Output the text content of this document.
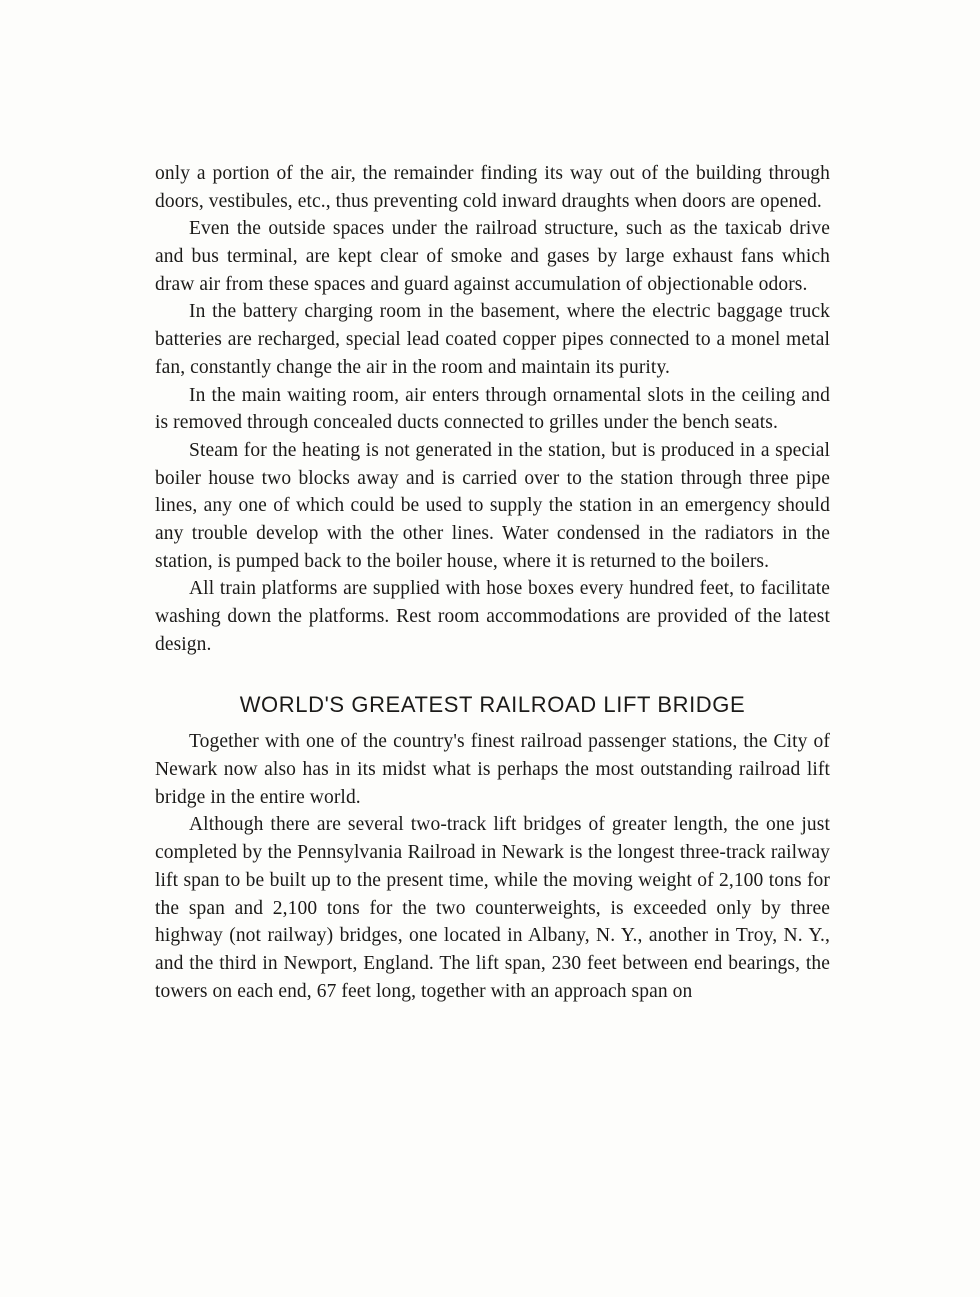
only a portion of the air, the remainder finding its way out of the building through doors, vestibules, etc., thus preventing cold inward draughts when doors are opened.

Even the outside spaces under the railroad structure, such as the taxicab drive and bus terminal, are kept clear of smoke and gases by large exhaust fans which draw air from these spaces and guard against accumulation of objectionable odors.

In the battery charging room in the basement, where the electric baggage truck batteries are recharged, special lead coated copper pipes connected to a monel metal fan, constantly change the air in the room and maintain its purity.

In the main waiting room, air enters through ornamental slots in the ceiling and is removed through concealed ducts connected to grilles under the bench seats.

Steam for the heating is not generated in the station, but is produced in a special boiler house two blocks away and is carried over to the station through three pipe lines, any one of which could be used to supply the station in an emergency should any trouble develop with the other lines. Water condensed in the radiators in the station, is pumped back to the boiler house, where it is returned to the boilers.

All train platforms are supplied with hose boxes every hundred feet, to facilitate washing down the platforms. Rest room accommodations are provided of the latest design.

WORLD'S GREATEST RAILROAD LIFT BRIDGE

Together with one of the country's finest railroad passenger stations, the City of Newark now also has in its midst what is perhaps the most outstanding railroad lift bridge in the entire world.

Although there are several two-track lift bridges of greater length, the one just completed by the Pennsylvania Railroad in Newark is the longest three-track railway lift span to be built up to the present time, while the moving weight of 2,100 tons for the span and 2,100 tons for the two counterweights, is exceeded only by three highway (not railway) bridges, one located in Albany, N. Y., another in Troy, N. Y., and the third in Newport, England. The lift span, 230 feet between end bearings, the towers on each end, 67 feet long, together with an approach span on
